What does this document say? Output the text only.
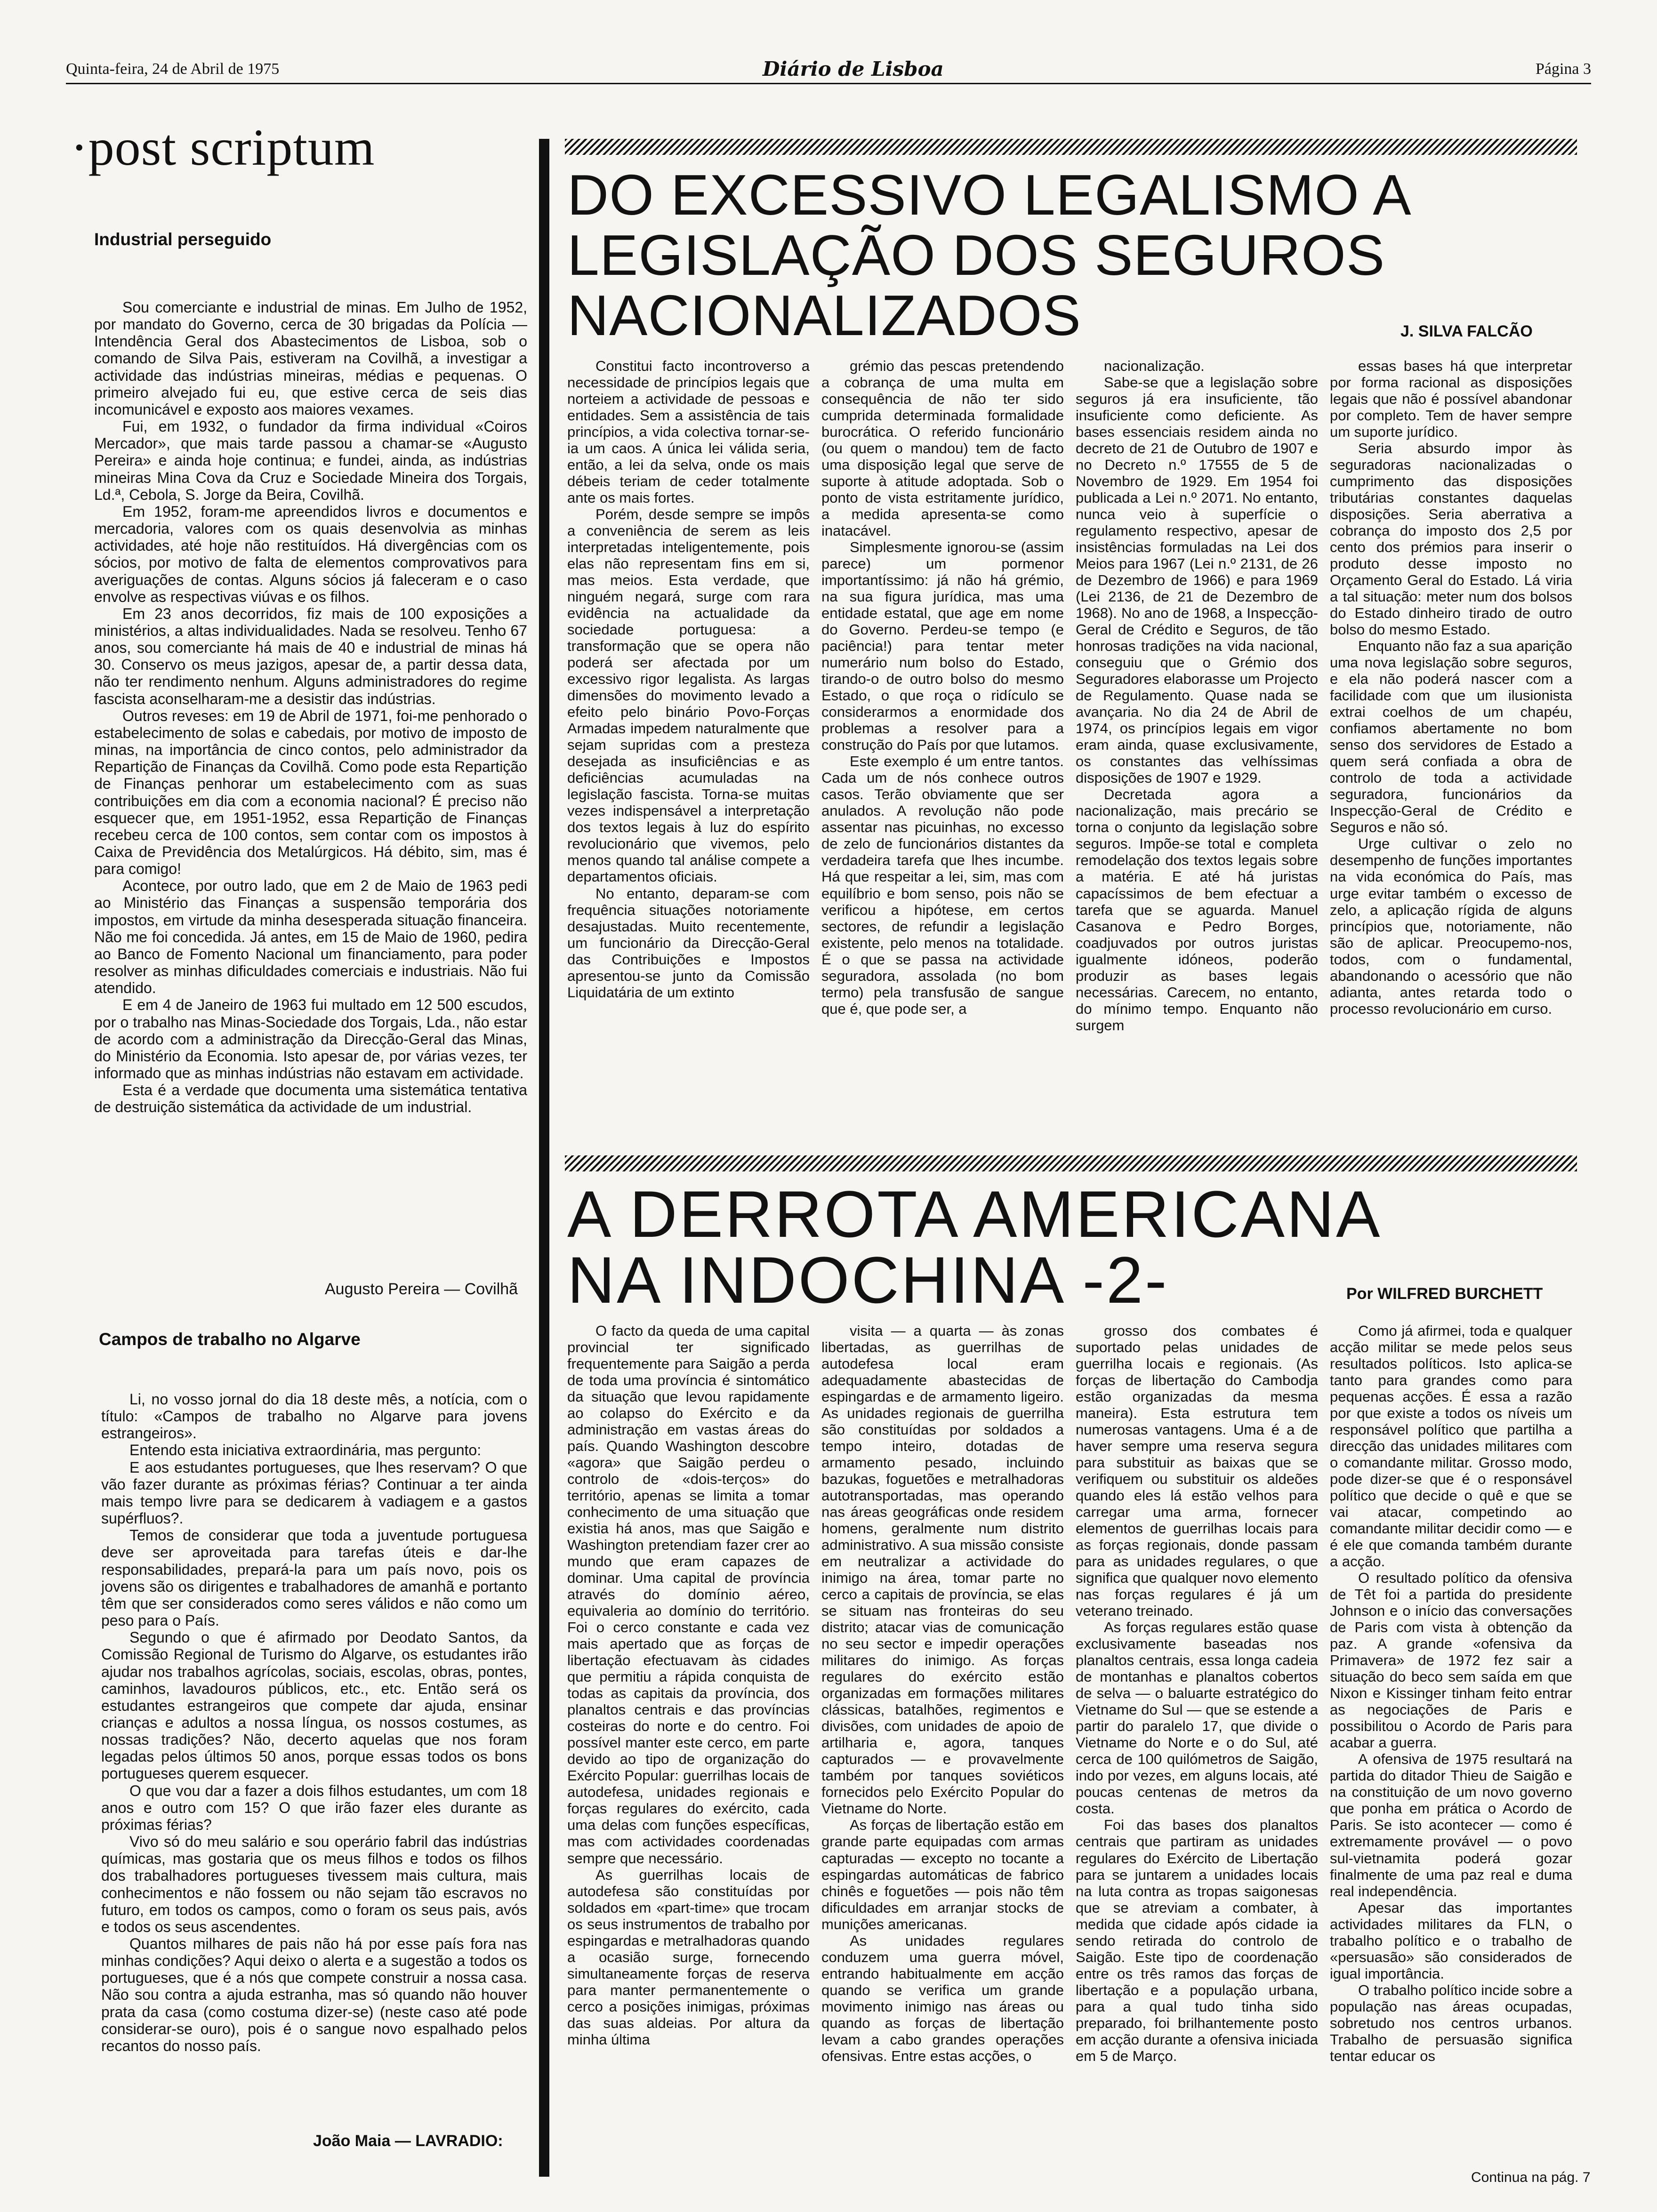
Quinta-feira, 24 de Abril de 1975	Diário de Lisboa	Página 3
·post scriptum
Industrial perseguido

Sou comerciante e industrial de minas. Em Julho de 1952, por mandato do Governo, cerca de 30 brigadas da Polícia — Intendência Geral dos Abastecimentos de Lisboa, sob o comando de Silva Pais, estiveram na Covilhã, a investigar a actividade das indústrias mineiras, médias e pequenas. O primeiro alvejado fui eu, que estive cerca de seis dias incomunicável e exposto aos maiores vexames.

Fui, em 1932, o fundador da firma individual «Coiros Mercador», que mais tarde passou a chamar-se «Augusto Pereira» e ainda hoje continua; e fundei, ainda, as indústrias mineiras Mina Cova da Cruz e Sociedade Mineira dos Torgais, Ld.ª, Cebola, S. Jorge da Beira, Covilhã.

Em 1952, foram-me apreendidos livros e documentos e mercadoria, valores com os quais desenvolvia as minhas actividades, até hoje não restituídos. Há divergências com os sócios, por motivo de falta de elementos comprovativos para averiguações de contas. Alguns sócios já faleceram e o caso envolve as respectivas viúvas e os filhos.

Em 23 anos decorridos, fiz mais de 100 exposições a ministérios, a altas individualidades. Nada se resolveu. Tenho 67 anos, sou comerciante há mais de 40 e industrial de minas há 30. Conservo os meus jazigos, apesar de, a partir dessa data, não ter rendimento nenhum. Alguns administradores do regime fascista aconselharam-me a desistir das indústrias.

Outros reveses: em 19 de Abril de 1971, foi-me penhorado o estabelecimento de solas e cabedais, por motivo de imposto de minas, na importância de cinco contos, pelo administrador da Repartição de Finanças da Covilhã. Como pode esta Repartição de Finanças penhorar um estabelecimento com as suas contribuições em dia com a economia nacional? É preciso não esquecer que, em 1951-1952, essa Repartição de Finanças recebeu cerca de 100 contos, sem contar com os impostos à Caixa de Previdência dos Metalúrgicos. Há débito, sim, mas é para comigo!

Acontece, por outro lado, que em 2 de Maio de 1963 pedi ao Ministério das Finanças a suspensão temporária dos impostos, em virtude da minha desesperada situação financeira. Não me foi concedida. Já antes, em 15 de Maio de 1960, pedira ao Banco de Fomento Nacional um financiamento, para poder resolver as minhas dificuldades comerciais e industriais. Não fui atendido.

E em 4 de Janeiro de 1963 fui multado em 12 500 escudos, por o trabalho nas Minas-Sociedade dos Torgais, Lda., não estar de acordo com a administração da Direcção-Geral das Minas, do Ministério da Economia. Isto apesar de, por várias vezes, ter informado que as minhas indústrias não estavam em actividade.

Esta é a verdade que documenta uma sistemática tentativa de destruição sistemática da actividade de um industrial.

Augusto Pereira — Covilhã
Campos de trabalho no Algarve

Li, no vosso jornal do dia 18 deste mês, a notícia, com o título: «Campos de trabalho no Algarve para jovens estrangeiros».

Entendo esta iniciativa extraordinária, mas pergunto:

E aos estudantes portugueses, que lhes reservam? O que vão fazer durante as próximas férias? Continuar a ter ainda mais tempo livre para se dedicarem à vadiagem e a gastos supérfluos?.

Temos de considerar que toda a juventude portuguesa deve ser aproveitada para tarefas úteis e dar-lhe responsabilidades, prepará-la para um país novo, pois os jovens são os dirigentes e trabalhadores de amanhã e portanto têm que ser considerados como seres válidos e não como um peso para o País.

Segundo o que é afirmado por Deodato Santos, da Comissão Regional de Turismo do Algarve, os estudantes irão ajudar nos trabalhos agrícolas, sociais, escolas, obras, pontes, caminhos, lavadouros públicos, etc., etc. Então será os estudantes estrangeiros que compete dar ajuda, ensinar crianças e adultos a nossa língua, os nossos costumes, as nossas tradições? Não, decerto aquelas que nos foram legadas pelos últimos 50 anos, porque essas todos os bons portugueses querem esquecer.

O que vou dar a fazer a dois filhos estudantes, um com 18 anos e outro com 15? O que irão fazer eles durante as próximas férias?

Vivo só do meu salário e sou operário fabril das indústrias químicas, mas gostaria que os meus filhos e todos os filhos dos trabalhadores portugueses tivessem mais cultura, mais conhecimentos e não fossem ou não sejam tão escravos no futuro, em todos os campos, como o foram os seus pais, avós e todos os seus ascendentes.

Quantos milhares de pais não há por esse país fora nas minhas condições? Aqui deixo o alerta e a sugestão a todos os portugueses, que é a nós que compete construir a nossa casa. Não sou contra a ajuda estranha, mas só quando não houver prata da casa (como costuma dizer-se) (neste caso até pode considerar-se ouro), pois é o sangue novo espalhado pelos recantos do nosso país.

João Maia — LAVRADIO:
DO EXCESSIVO LEGALISMO A LEGISLAÇÃO DOS SEGUROS NACIONALIZADOS	J. SILVA FALCÃO

Constitui facto incontroverso a necessidade de princípios legais que norteiem a actividade de pessoas e entidades. Sem a assistência de tais princípios, a vida colectiva tornar-se-ia um caos. A única lei válida seria, então, a lei da selva, onde os mais débeis teriam de ceder totalmente ante os mais fortes.

Porém, desde sempre se impôs a conveniência de serem as leis interpretadas inteligentemente, pois elas não representam fins em si, mas meios. Esta verdade, que ninguém negará, surge com rara evidência na actualidade da sociedade portuguesa: a transformação que se opera não poderá ser afectada por um excessivo rigor legalista. As largas dimensões do movimento levado a efeito pelo binário Povo-Forças Armadas impedem naturalmente que sejam supridas com a presteza desejada as insuficiências e as deficiências acumuladas na legislação fascista. Torna-se muitas vezes indispensável a interpretação dos textos legais à luz do espírito revolucionário que vivemos, pelo menos quando tal análise compete a departamentos oficiais.

No entanto, deparam-se com frequência situações notoriamente desajustadas. Muito recentemente, um funcionário da Direcção-Geral das Contribuições e Impostos apresentou-se junto da Comissão Liquidatária de um extinto

grémio das pescas pretendendo a cobrança de uma multa em consequência de não ter sido cumprida determinada formalidade burocrática. O referido funcionário (ou quem o mandou) tem de facto uma disposição legal que serve de suporte à atitude adoptada. Sob o ponto de vista estritamente jurídico, a medida apresenta-se como inatacável.

Simplesmente ignorou-se (assim parece) um pormenor importantíssimo: já não há grémio, na sua figura jurídica, mas uma entidade estatal, que age em nome do Governo. Perdeu-se tempo (e paciência!) para tentar meter numerário num bolso do Estado, tirando-o de outro bolso do mesmo Estado, o que roça o ridículo se considerarmos a enormidade dos problemas a resolver para a construção do País por que lutamos.

Este exemplo é um entre tantos. Cada um de nós conhece outros casos. Terão obviamente que ser anulados. A revolução não pode assentar nas picuinhas, no excesso de zelo de funcionários distantes da verdadeira tarefa que lhes incumbe. Há que respeitar a lei, sim, mas com equilíbrio e bom senso, pois não se verificou a hipótese, em certos sectores, de refundir a legislação existente, pelo menos na totalidade. É o que se passa na actividade seguradora, assolada (no bom termo) pela transfusão de sangue que é, que pode ser, a

nacionalização.

Sabe-se que a legislação sobre seguros já era insuficiente, tão insuficiente como deficiente. As bases essenciais residem ainda no decreto de 21 de Outubro de 1907 e no Decreto n.º 17555 de 5 de Novembro de 1929. Em 1954 foi publicada a Lei n.º 2071. No entanto, nunca veio à superfície o regulamento respectivo, apesar de insistências formuladas na Lei dos Meios para 1967 (Lei n.º 2131, de 26 de Dezembro de 1966) e para 1969 (Lei 2136, de 21 de Dezembro de 1968). No ano de 1968, a Inspecção-Geral de Crédito e Seguros, de tão honrosas tradições na vida nacional, conseguiu que o Grémio dos Seguradores elaborasse um Projecto de Regulamento. Quase nada se avançaria. No dia 24 de Abril de 1974, os princípios legais em vigor eram ainda, quase exclusivamente, os constantes das velhíssimas disposições de 1907 e 1929.

Decretada agora a nacionalização, mais precário se torna o conjunto da legislação sobre seguros. Impõe-se total e completa remodelação dos textos legais sobre a matéria. E até há juristas capacíssimos de bem efectuar a tarefa que se aguarda. Manuel Casanova e Pedro Borges, coadjuvados por outros juristas igualmente idóneos, poderão produzir as bases legais necessárias. Carecem, no entanto, do mínimo tempo. Enquanto não surgem

essas bases há que interpretar por forma racional as disposições legais que não é possível abandonar por completo. Tem de haver sempre um suporte jurídico.

Seria absurdo impor às seguradoras nacionalizadas o cumprimento das disposições tributárias constantes daquelas disposições. Seria aberrativa a cobrança do imposto dos 2,5 por cento dos prémios para inserir o produto desse imposto no Orçamento Geral do Estado. Lá viria a tal situação: meter num dos bolsos do Estado dinheiro tirado de outro bolso do mesmo Estado.

Enquanto não faz a sua aparição uma nova legislação sobre seguros, e ela não poderá nascer com a facilidade com que um ilusionista extrai coelhos de um chapéu, confiamos abertamente no bom senso dos servidores de Estado a quem será confiada a obra de controlo de toda a actividade seguradora, funcionários da Inspecção-Geral de Crédito e Seguros e não só.

Urge cultivar o zelo no desempenho de funções importantes na vida económica do País, mas urge evitar também o excesso de zelo, a aplicação rígida de alguns princípios que, notoriamente, não são de aplicar. Preocupemo-nos, todos, com o fundamental, abandonando o acessório que não adianta, antes retarda todo o processo revolucionário em curso.

A DERROTA AMERICANA
NA INDOCHINA -2-	Por WILFRED BURCHETT

O facto da queda de uma capital provincial ter significado frequentemente para Saigão a perda de toda uma província é sintomático da situação que levou rapidamente ao colapso do Exército e da administração em vastas áreas do país. Quando Washington descobre «agora» que Saigão perdeu o controlo de «dois-terços» do território, apenas se limita a tomar conhecimento de uma situação que existia há anos, mas que Saigão e Washington pretendiam fazer crer ao mundo que eram capazes de dominar. Uma capital de província através do domínio aéreo, equivaleria ao domínio do território. Foi o cerco constante e cada vez mais apertado que as forças de libertação efectuavam às cidades que permitiu a rápida conquista de todas as capitais da província, dos planaltos centrais e das províncias costeiras do norte e do centro. Foi possível manter este cerco, em parte devido ao tipo de organização do Exército Popular: guerrilhas locais de autodefesa, unidades regionais e forças regulares do exército, cada uma delas com funções específicas, mas com actividades coordenadas sempre que necessário.

As guerrilhas locais de autodefesa são constituídas por soldados em «part-time» que trocam os seus instrumentos de trabalho por espingardas e metralhadoras quando a ocasião surge, fornecendo simultaneamente forças de reserva para manter permanentemente o cerco a posições inimigas, próximas das suas aldeias. Por altura da minha última

visita — a quarta — às zonas libertadas, as guerrilhas de autodefesa local eram adequadamente abastecidas de espingardas e de armamento ligeiro. As unidades regionais de guerrilha são constituídas por soldados a tempo inteiro, dotadas de armamento pesado, incluindo bazukas, foguetões e metralhadoras autotransportadas, mas operando nas áreas geográficas onde residem homens, geralmente num distrito administrativo. A sua missão consiste em neutralizar a actividade do inimigo na área, tomar parte no cerco a capitais de província, se elas se situam nas fronteiras do seu distrito; atacar vias de comunicação no seu sector e impedir operações militares do inimigo. As forças regulares do exército estão organizadas em formações militares clássicas, batalhões, regimentos e divisões, com unidades de apoio de artilharia e, agora, tanques capturados — e provavelmente também por tanques soviéticos fornecidos pelo Exército Popular do Vietname do Norte.

As forças de libertação estão em grande parte equipadas com armas capturadas — excepto no tocante a espingardas automáticas de fabrico chinês e foguetões — pois não têm dificuldades em arranjar stocks de munições americanas.

As unidades regulares conduzem uma guerra móvel, entrando habitualmente em acção quando se verifica um grande movimento inimigo nas áreas ou quando as forças de libertação levam a cabo grandes operações ofensivas. Entre estas acções, o

grosso dos combates é suportado pelas unidades de guerrilha locais e regionais. (As forças de libertação do Cambodja estão organizadas da mesma maneira). Esta estrutura tem numerosas vantagens. Uma é a de haver sempre uma reserva segura para substituir as baixas que se verifiquem ou substituir os aldeões quando eles lá estão velhos para carregar uma arma, fornecer elementos de guerrilhas locais para as forças regionais, donde passam para as unidades regulares, o que significa que qualquer novo elemento nas forças regulares é já um veterano treinado.

As forças regulares estão quase exclusivamente baseadas nos planaltos centrais, essa longa cadeia de montanhas e planaltos cobertos de selva — o baluarte estratégico do Vietname do Sul — que se estende a partir do paralelo 17, que divide o Vietname do Norte e o do Sul, até cerca de 100 quilómetros de Saigão, indo por vezes, em alguns locais, até poucas centenas de metros da costa.

Foi das bases dos planaltos centrais que partiram as unidades regulares do Exército de Libertação para se juntarem a unidades locais na luta contra as tropas saigonesas que se atreviam a combater, à medida que cidade após cidade ia sendo retirada do controlo de Saigão. Este tipo de coordenação entre os três ramos das forças de libertação e a população urbana, para a qual tudo tinha sido preparado, foi brilhantemente posto em acção durante a ofensiva iniciada em 5 de Março.

Como já afirmei, toda e qualquer acção militar se mede pelos seus resultados políticos. Isto aplica-se tanto para grandes como para pequenas acções. É essa a razão por que existe a todos os níveis um responsável político que partilha a direcção das unidades militares com o comandante militar. Grosso modo, pode dizer-se que é o responsável político que decide o quê e que se vai atacar, competindo ao comandante militar decidir como — e é ele que comanda também durante a acção.

O resultado político da ofensiva de Têt foi a partida do presidente Johnson e o início das conversações de Paris com vista à obtenção da paz. A grande «ofensiva da Primavera» de 1972 fez sair a situação do beco sem saída em que Nixon e Kissinger tinham feito entrar as negociações de Paris e possibilitou o Acordo de Paris para acabar a guerra.

A ofensiva de 1975 resultará na partida do ditador Thieu de Saigão e na constituição de um novo governo que ponha em prática o Acordo de Paris. Se isto acontecer — como é extremamente provável — o povo sul-vietnamita poderá gozar finalmente de uma paz real e duma real independência.

Apesar das importantes actividades militares da FLN, o trabalho político e o trabalho de «persuasão» são considerados de igual importância.

O trabalho político incide sobre a população nas áreas ocupadas, sobretudo nos centros urbanos. Trabalho de persuasão significa tentar educar os

Continua na pág. 7
